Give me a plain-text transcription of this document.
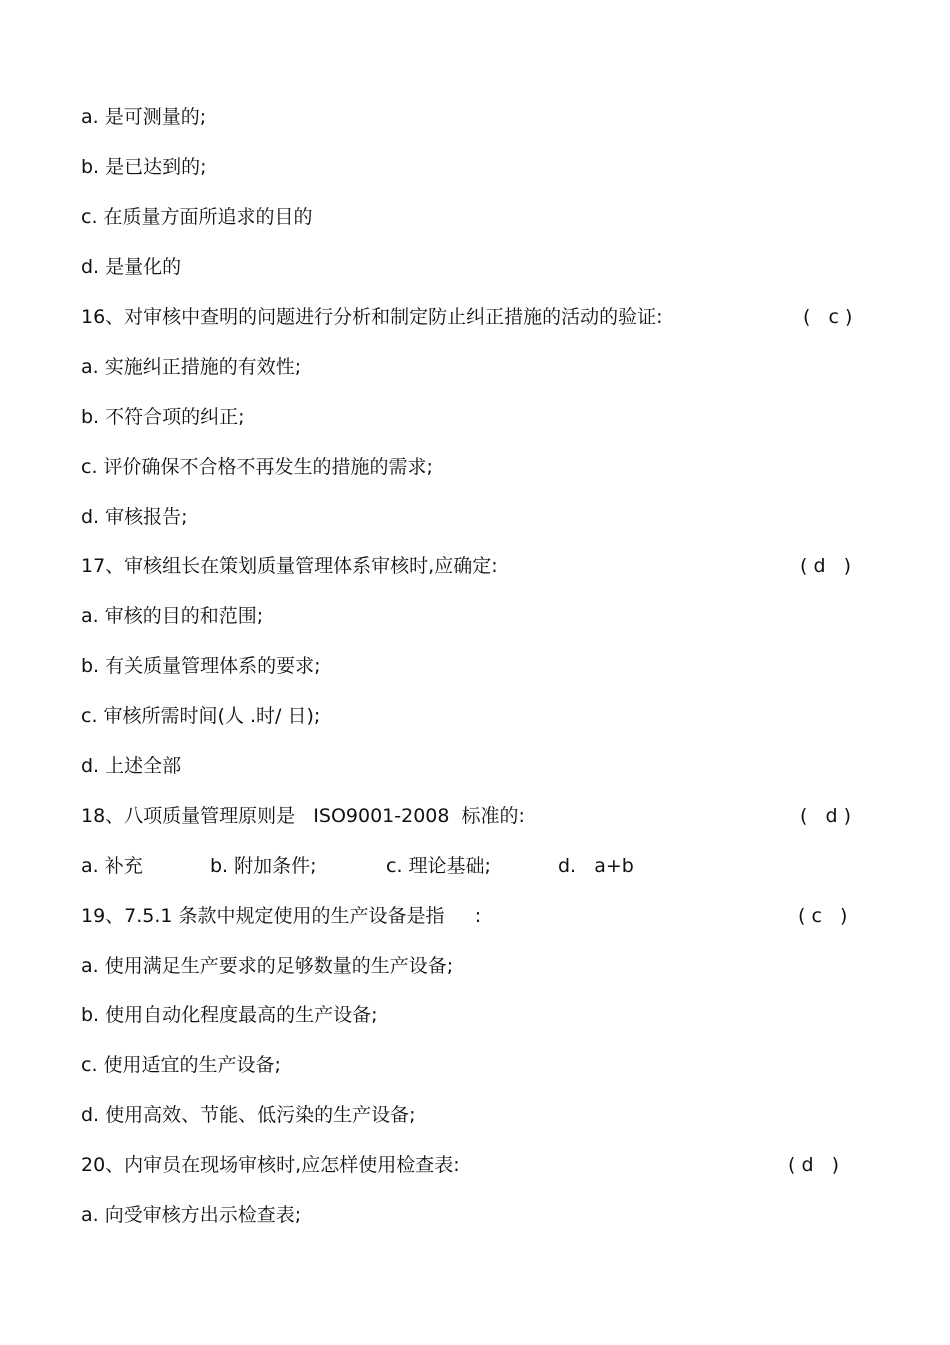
a. 是可测量的;
b. 是已达到的;
c. 在质量方面所追求的目的
d. 是量化的
16、对审核中查明的问题进行分析和制定防止纠正措施的活动的验证:	(   c )
a. 实施纠正措施的有效性;
b. 不符合项的纠正;
c. 评价确保不合格不再发生的措施的需求;
d. 审核报告;
17、审核组长在策划质量管理体系审核时,应确定:	( d   )
a. 审核的目的和范围;
b. 有关质量管理体系的要求;
c. 审核所需时间(人 .时/ 日);
d. 上述全部
18、八项质量管理原则是   ISO9001-2008  标准的:	(   d )
a. 补充	b. 附加条件;	c. 理论基础;	d.   a+b
19、7.5.1 条款中规定使用的生产设备是指     :	( c   )
a. 使用满足生产要求的足够数量的生产设备;
b. 使用自动化程度最高的生产设备;
c. 使用适宜的生产设备;
d. 使用高效、节能、低污染的生产设备;
20、内审员在现场审核时,应怎样使用检查表:	( d   )
a. 向受审核方出示检查表;
